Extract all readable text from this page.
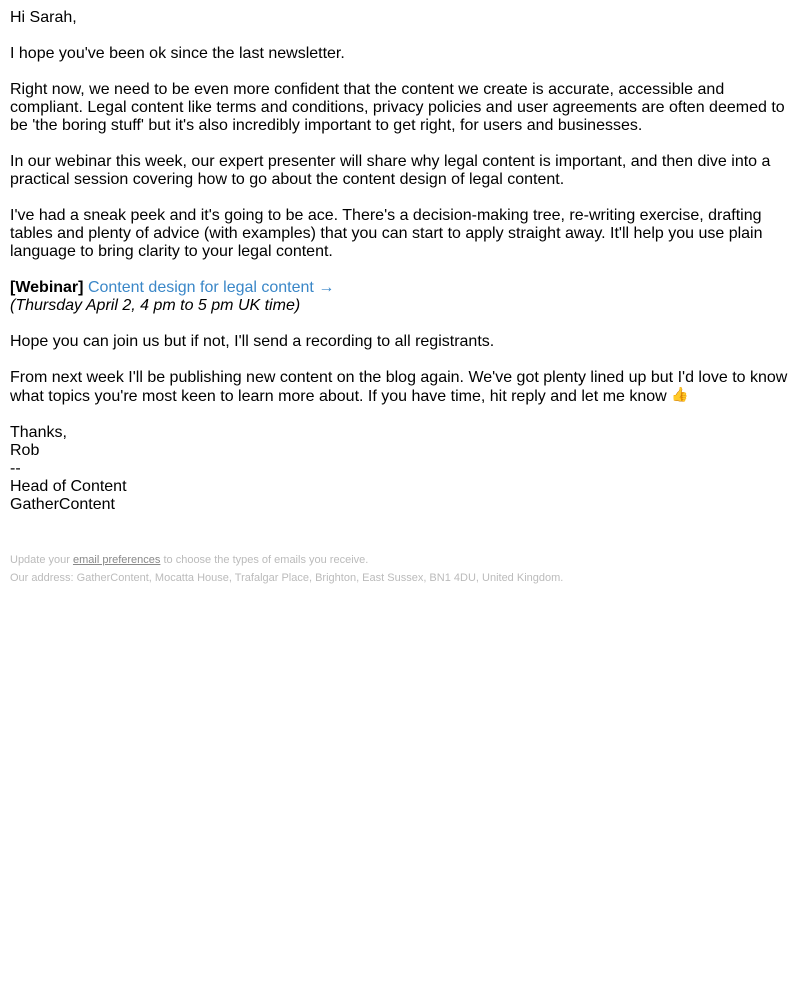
Hi Sarah,

I hope you've been ok since the last newsletter.

Right now, we need to be even more confident that the content we create is accurate, accessible and compliant. Legal content like terms and conditions, privacy policies and user agreements are often deemed to be 'the boring stuff' but it's also incredibly important to get right, for users and businesses.

In our webinar this week, our expert presenter will share why legal content is important, and then dive into a practical session covering how to go about the content design of legal content.

I've had a sneak peek and it's going to be ace. There's a decision-making tree, re-writing exercise, drafting tables and plenty of advice (with examples) that you can start to apply straight away. It'll help you use plain language to bring clarity to your legal content.

[Webinar] Content design for legal content →
(Thursday April 2, 4 pm to 5 pm UK time)

Hope you can join us but if not, I'll send a recording to all registrants.

From next week I'll be publishing new content on the blog again. We've got plenty lined up but I'd love to know what topics you're most keen to learn more about. If you have time, hit reply and let me know 👍

Thanks,
Rob
--
Head of Content
GatherContent

Update your email preferences to choose the types of emails you receive.

Our address: GatherContent, Mocatta House, Trafalgar Place, Brighton, East Sussex, BN1 4DU, United Kingdom.
